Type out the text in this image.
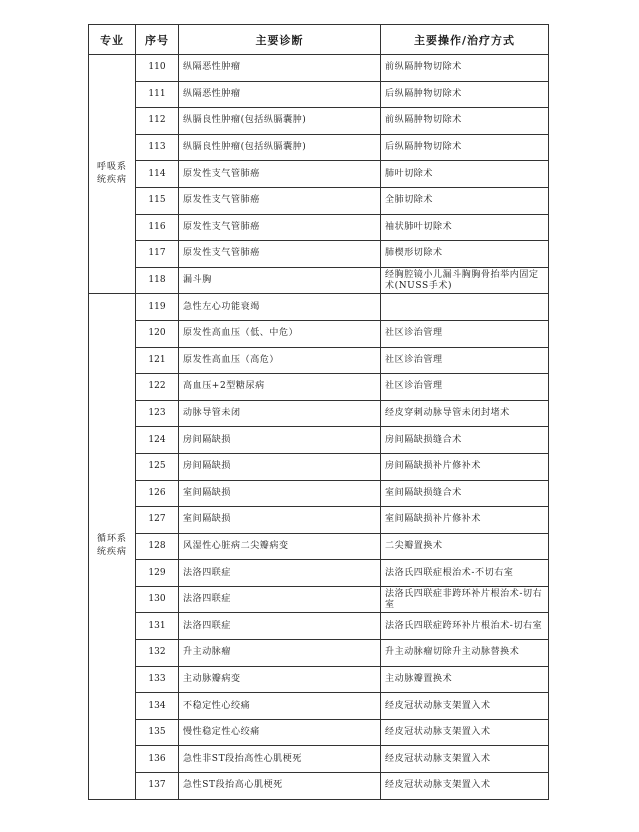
专业	序号	主要诊断	主要操作/治疗方式
呼吸系统疾病	110	纵隔恶性肿瘤	前纵隔肿物切除术
	111	纵隔恶性肿瘤	后纵隔肿物切除术
	112	纵膈良性肿瘤(包括纵膈囊肿)	前纵隔肿物切除术
	113	纵膈良性肿瘤(包括纵膈囊肿)	后纵隔肿物切除术
	114	原发性支气管肺癌	肺叶切除术
	115	原发性支气管肺癌	全肺切除术
	116	原发性支气管肺癌	袖状肺叶切除术
	117	原发性支气管肺癌	肺楔形切除术
	118	漏斗胸	经胸腔镜小儿漏斗胸胸骨抬举内固定术(NUSS手术)
循环系统疾病	119	急性左心功能衰竭	
	120	原发性高血压（低、中危）	社区诊治管理
	121	原发性高血压（高危）	社区诊治管理
	122	高血压+2型糖尿病	社区诊治管理
	123	动脉导管未闭	经皮穿刺动脉导管未闭封堵术
	124	房间隔缺损	房间隔缺损缝合术
	125	房间隔缺损	房间隔缺损补片修补术
	126	室间隔缺损	室间隔缺损缝合术
	127	室间隔缺损	室间隔缺损补片修补术
	128	风湿性心脏病二尖瓣病变	二尖瓣置换术
	129	法洛四联症	法洛氏四联症根治术-不切右室
	130	法洛四联症	法洛氏四联症非跨环补片根治术-切右室
	131	法洛四联症	法洛氏四联症跨环补片根治术-切右室
	132	升主动脉瘤	升主动脉瘤切除升主动脉替换术
	133	主动脉瓣病变	主动脉瓣置换术
	134	不稳定性心绞痛	经皮冠状动脉支架置入术
	135	慢性稳定性心绞痛	经皮冠状动脉支架置入术
	136	急性非ST段抬高性心肌梗死	经皮冠状动脉支架置入术
	137	急性ST段抬高心肌梗死	经皮冠状动脉支架置入术
